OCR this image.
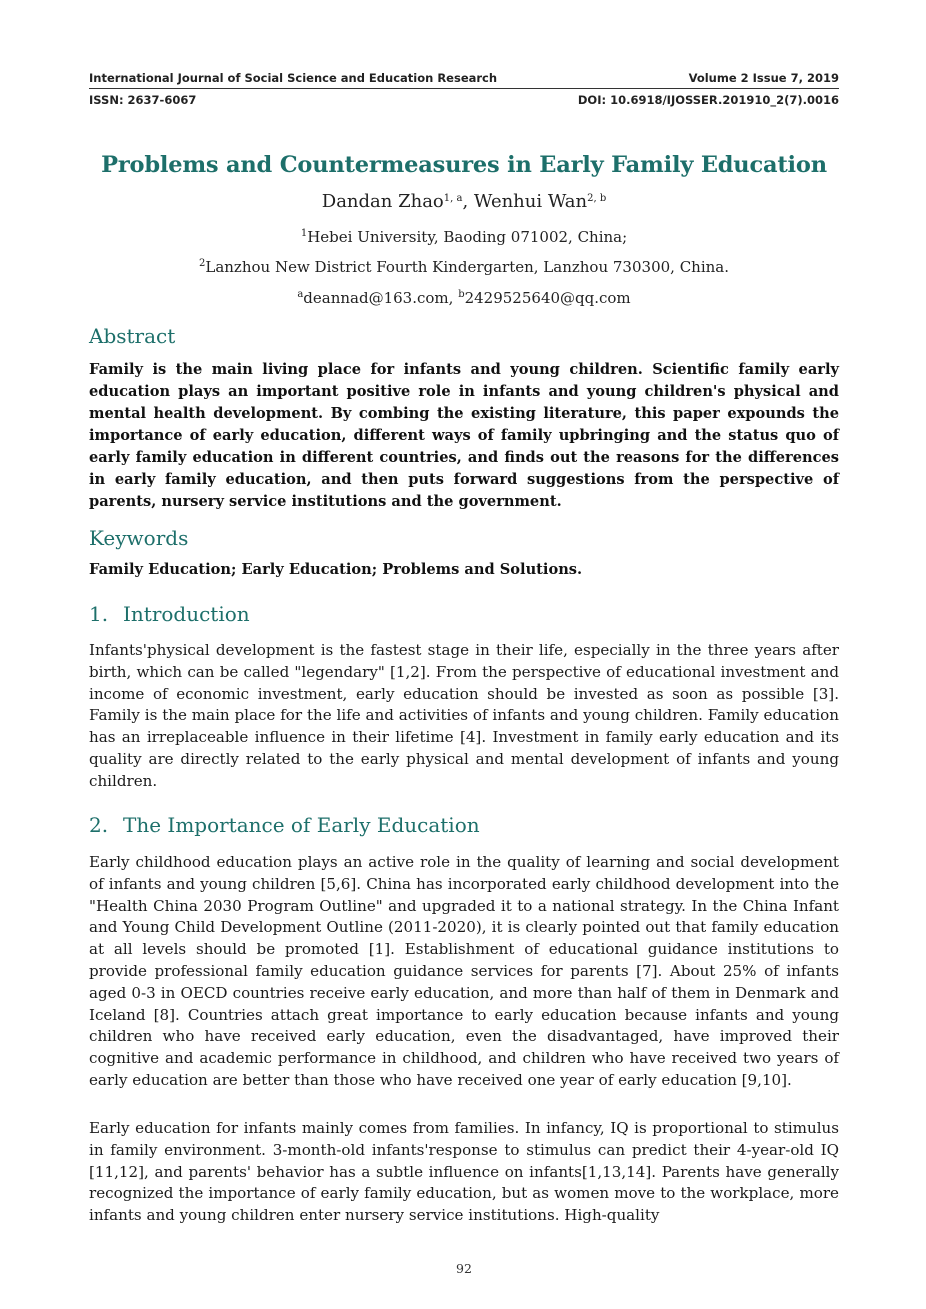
International Journal of Social Science and Education Research	Volume 2 Issue 7, 2019
ISSN: 2637-6067	DOI: 10.6918/IJOSSER.201910_2(7).0016
Problems and Countermeasures in Early Family Education
Dandan Zhao$^{1, a}$, Wenhui Wan$^{2, b}$
$^1$Hebei University, Baoding 071002, China;
$^2$Lanzhou New District Fourth Kindergarten, Lanzhou 730300, China.
$^a$deannad@163.com, $^b$2429525640@qq.com
Abstract
Family is the main living place for infants and young children. Scientific family early education plays an important positive role in infants and young children's physical and mental health development. By combing the existing literature, this paper expounds the importance of early education, different ways of family upbringing and the status quo of early family education in different countries, and finds out the reasons for the differences in early family education, and then puts forward suggestions from the perspective of parents, nursery service institutions and the government.
Keywords
Family Education; Early Education; Problems and Solutions.
1. Introduction
Infants'physical development is the fastest stage in their life, especially in the three years after birth, which can be called "legendary" [1,2]. From the perspective of educational investment and income of economic investment, early education should be invested as soon as possible [3]. Family is the main place for the life and activities of infants and young children. Family education has an irreplaceable influence in their lifetime [4]. Investment in family early education and its quality are directly related to the early physical and mental development of infants and young children.
2. The Importance of Early Education
Early childhood education plays an active role in the quality of learning and social development of infants and young children [5,6]. China has incorporated early childhood development into the "Health China 2030 Program Outline" and upgraded it to a national strategy. In the China Infant and Young Child Development Outline (2011-2020), it is clearly pointed out that family education at all levels should be promoted [1]. Establishment of educational guidance institutions to provide professional family education guidance services for parents [7]. About 25% of infants aged 0-3 in OECD countries receive early education, and more than half of them in Denmark and Iceland [8]. Countries attach great importance to early education because infants and young children who have received early education, even the disadvantaged, have improved their cognitive and academic performance in childhood, and children who have received two years of early education are better than those who have received one year of early education [9,10].
Early education for infants mainly comes from families. In infancy, IQ is proportional to stimulus in family environment. 3-month-old infants'response to stimulus can predict their 4-year-old IQ [11,12], and parents' behavior has a subtle influence on infants[1,13,14]. Parents have generally recognized the importance of early family education, but as women move to the workplace, more infants and young children enter nursery service institutions. High-quality
92
